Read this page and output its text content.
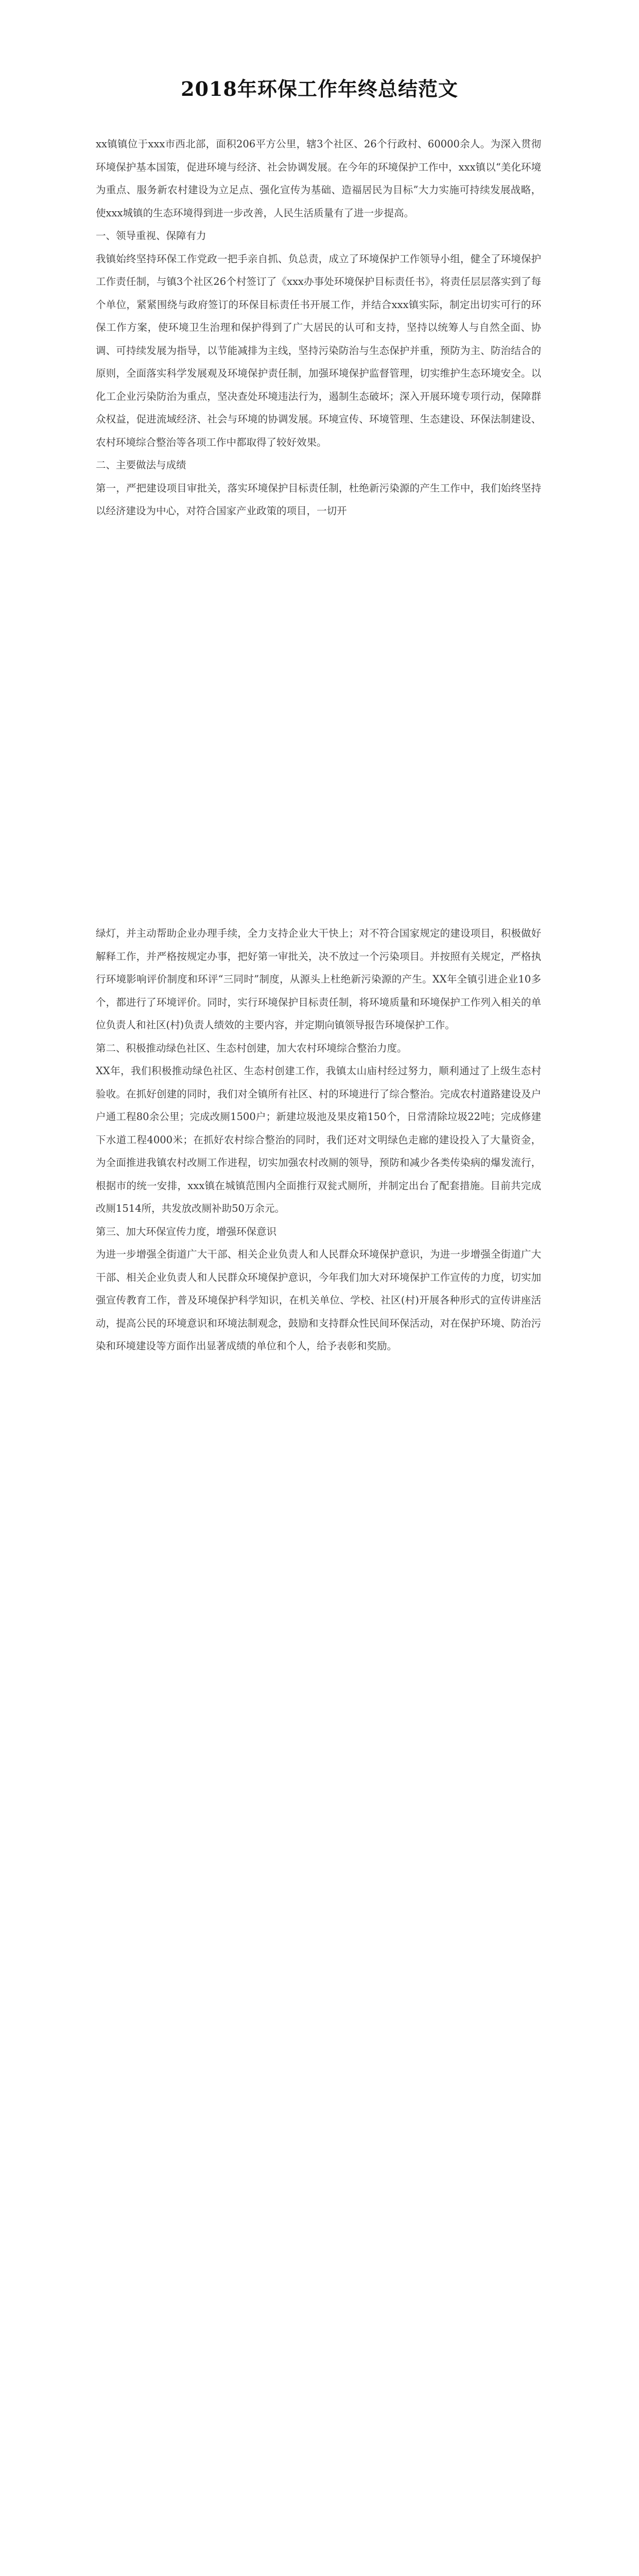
2018年环保工作年终总结范文

xx镇镇位于xxx市西北部，面积206平方公里，辖3个社区、26个行政村、60000余人。为深入贯彻环境保护基本国策，促进环境与经济、社会协调发展。在今年的环境保护工作中，xxx镇以“美化环境为重点、服务新农村建设为立足点、强化宣传为基础、造福居民为目标”大力实施可持续发展战略，使xxx城镇的生态环境得到进一步改善，人民生活质量有了进一步提高。

一、领导重视、保障有力

我镇始终坚持环保工作党政一把手亲自抓、负总责，成立了环境保护工作领导小组，健全了环境保护工作责任制，与镇3个社区26个村签订了《xxx办事处环境保护目标责任书》，将责任层层落实到了每个单位，紧紧围绕与政府签订的环保目标责任书开展工作，并结合xxx镇实际，制定出切实可行的环保工作方案，使环境卫生治理和保护得到了广大居民的认可和支持，坚持以统筹人与自然全面、协调、可持续发展为指导，以节能减排为主线，坚持污染防治与生态保护并重，预防为主、防治结合的原则，全面落实科学发展观及环境保护责任制，加强环境保护监督管理，切实维护生态环境安全。以化工企业污染防治为重点，坚决查处环境违法行为，遏制生态破坏；深入开展环境专项行动，保障群众权益，促进流域经济、社会与环境的协调发展。环境宣传、环境管理、生态建设、环保法制建设、农村环境综合整治等各项工作中都取得了较好效果。

二、主要做法与成绩

第一，严把建设项目审批关，落实环境保护目标责任制，杜绝新污染源的产生工作中，我们始终坚持以经济建设为中心，对符合国家产业政策的项目，一切开

绿灯，并主动帮助企业办理手续，全力支持企业大干快上；对不符合国家规定的建设项目，积极做好解释工作，并严格按规定办事，把好第一审批关，决不放过一个污染项目。并按照有关规定，严格执行环境影响评价制度和环评“三同时”制度，从源头上杜绝新污染源的产生。XX年全镇引进企业10多个，都进行了环境评价。同时，实行环境保护目标责任制，将环境质量和环境保护工作列入相关的单位负责人和社区(村)负责人绩效的主要内容，并定期向镇领导报告环境保护工作。

第二、积极推动绿色社区、生态村创建，加大农村环境综合整治力度。

XX年，我们积极推动绿色社区、生态村创建工作，我镇太山庙村经过努力，顺利通过了上级生态村验收。在抓好创建的同时，我们对全镇所有社区、村的环境进行了综合整治。完成农村道路建设及户户通工程80余公里；完成改厕1500户；新建垃圾池及果皮箱150个，日常清除垃圾22吨；完成修建下水道工程4000米；在抓好农村综合整治的同时，我们还对文明绿色走廊的建设投入了大量资金，为全面推进我镇农村改厕工作进程，切实加强农村改厕的领导，预防和减少各类传染病的爆发流行，根据市的统一安排，xxx镇在城镇范围内全面推行双瓮式厕所，并制定出台了配套措施。目前共完成改厕1514所，共发放改厕补助50万余元。

第三、加大环保宣传力度，增强环保意识

为进一步增强全街道广大干部、相关企业负责人和人民群众环境保护意识，为进一步增强全街道广大干部、相关企业负责人和人民群众环境保护意识，今年我们加大对环境保护工作宣传的力度，切实加强宣传教育工作，普及环境保护科学知识，在机关单位、学校、社区(村)开展各种形式的宣传讲座活动，提高公民的环境意识和环境法制观念，鼓励和支持群众性民间环保活动，对在保护环境、防治污染和环境建设等方面作出显著成绩的单位和个人，给予表彰和奖励。
